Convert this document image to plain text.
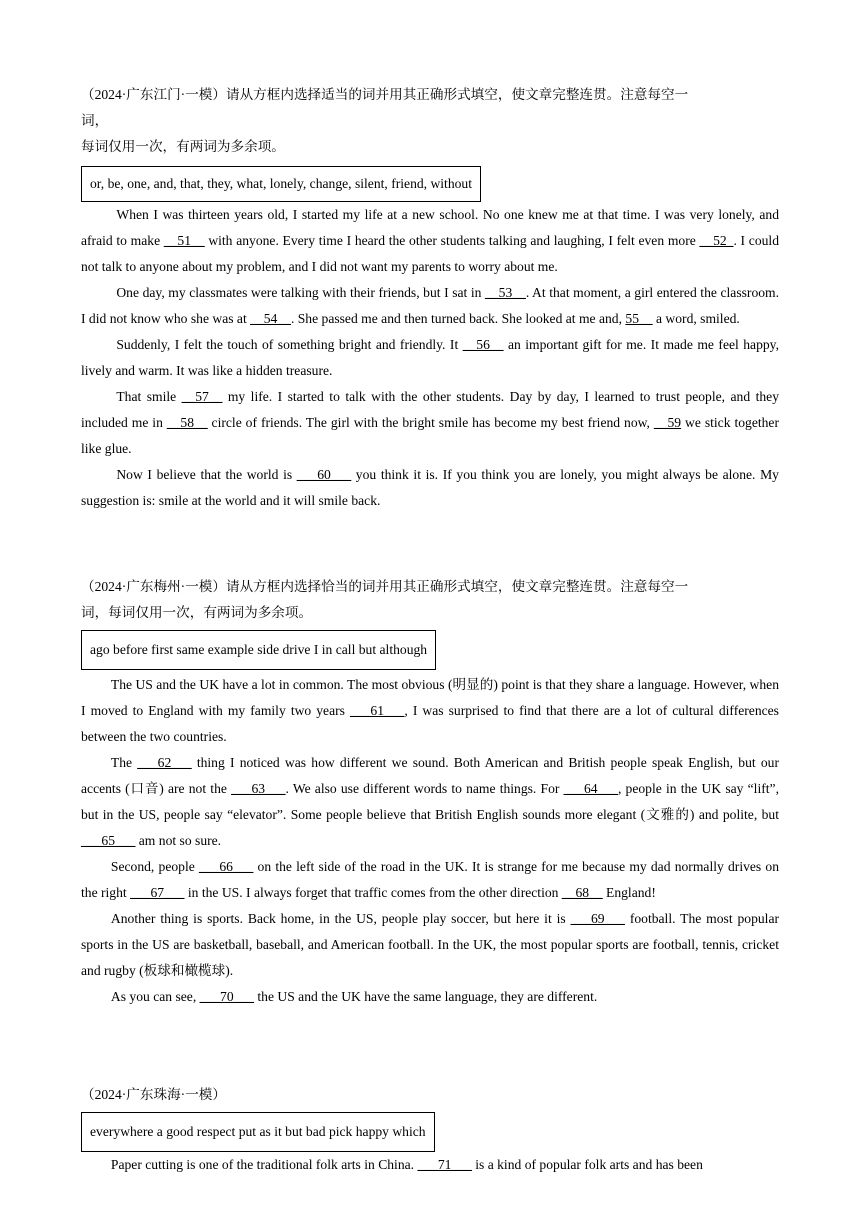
（2024·广东江门·一模）请从方框内选择适当的词并用其正确形式填空，使文章完整连贯。注意每空一
词，
每词仅用一次，有两词为多余项。
or, be, one, and, that, they, what, lonely, change, silent, friend, without
When I was thirteen years old, I started my life at a new school. No one knew me at that time. I was very lonely, and afraid to make __51__ with anyone. Every time I heard the other students talking and laughing, I felt even more __52_. I could not talk to anyone about my problem, and I did not want my parents to worry about me.
One day, my classmates were talking with their friends, but I sat in __53__. At that moment, a girl entered the classroom. I did not know who she was at __54__. She passed me and then turned back. She looked at me and, 55__ a word, smiled.
Suddenly, I felt the touch of something bright and friendly. It __56__ an important gift for me. It made me feel happy, lively and warm. It was like a hidden treasure.
That smile __57__ my life. I started to talk with the other students. Day by day, I learned to trust people, and they included me in __58__ circle of friends. The girl with the bright smile has become my best friend now, __59 we stick together like glue.
Now I believe that the world is ___60___ you think it is. If you think you are lonely, you might always be alone. My suggestion is: smile at the world and it will smile back.
（2024·广东梅州·一模）请从方框内选择恰当的词并用其正确形式填空，使文章完整连贯。注意每空一
词，每词仅用一次，有两词为多余项。
ago before first same example side drive I in call but although
The US and the UK have a lot in common. The most obvious (明显的) point is that they share a language. However, when I moved to England with my family two years ___61___, I was surprised to find that there are a lot of cultural differences between the two countries.
The ___62___ thing I noticed was how different we sound. Both American and British people speak English, but our accents (口音) are not the ___63___. We also use different words to name things. For ___64___, people in the UK say “lift”, but in the US, people say “elevator”. Some people believe that British English sounds more elegant (文雅的) and polite, but ___65___ am not so sure.
Second, people ___66___ on the left side of the road in the UK. It is strange for me because my dad normally drives on the right ___67___ in the US. I always forget that traffic comes from the other direction __68__ England!
Another thing is sports. Back home, in the US, people play soccer, but here it is ___69___ football. The most popular sports in the US are basketball, baseball, and American football. In the UK, the most popular sports are football, tennis, cricket and rugby (板球和橄榄球).
As you can see, ___70___ the US and the UK have the same language, they are different.
（2024·广东珠海·一模）
everywhere a good respect put as it but bad pick happy which
Paper cutting is one of the traditional folk arts in China. ___71___ is a kind of popular folk arts and has been
